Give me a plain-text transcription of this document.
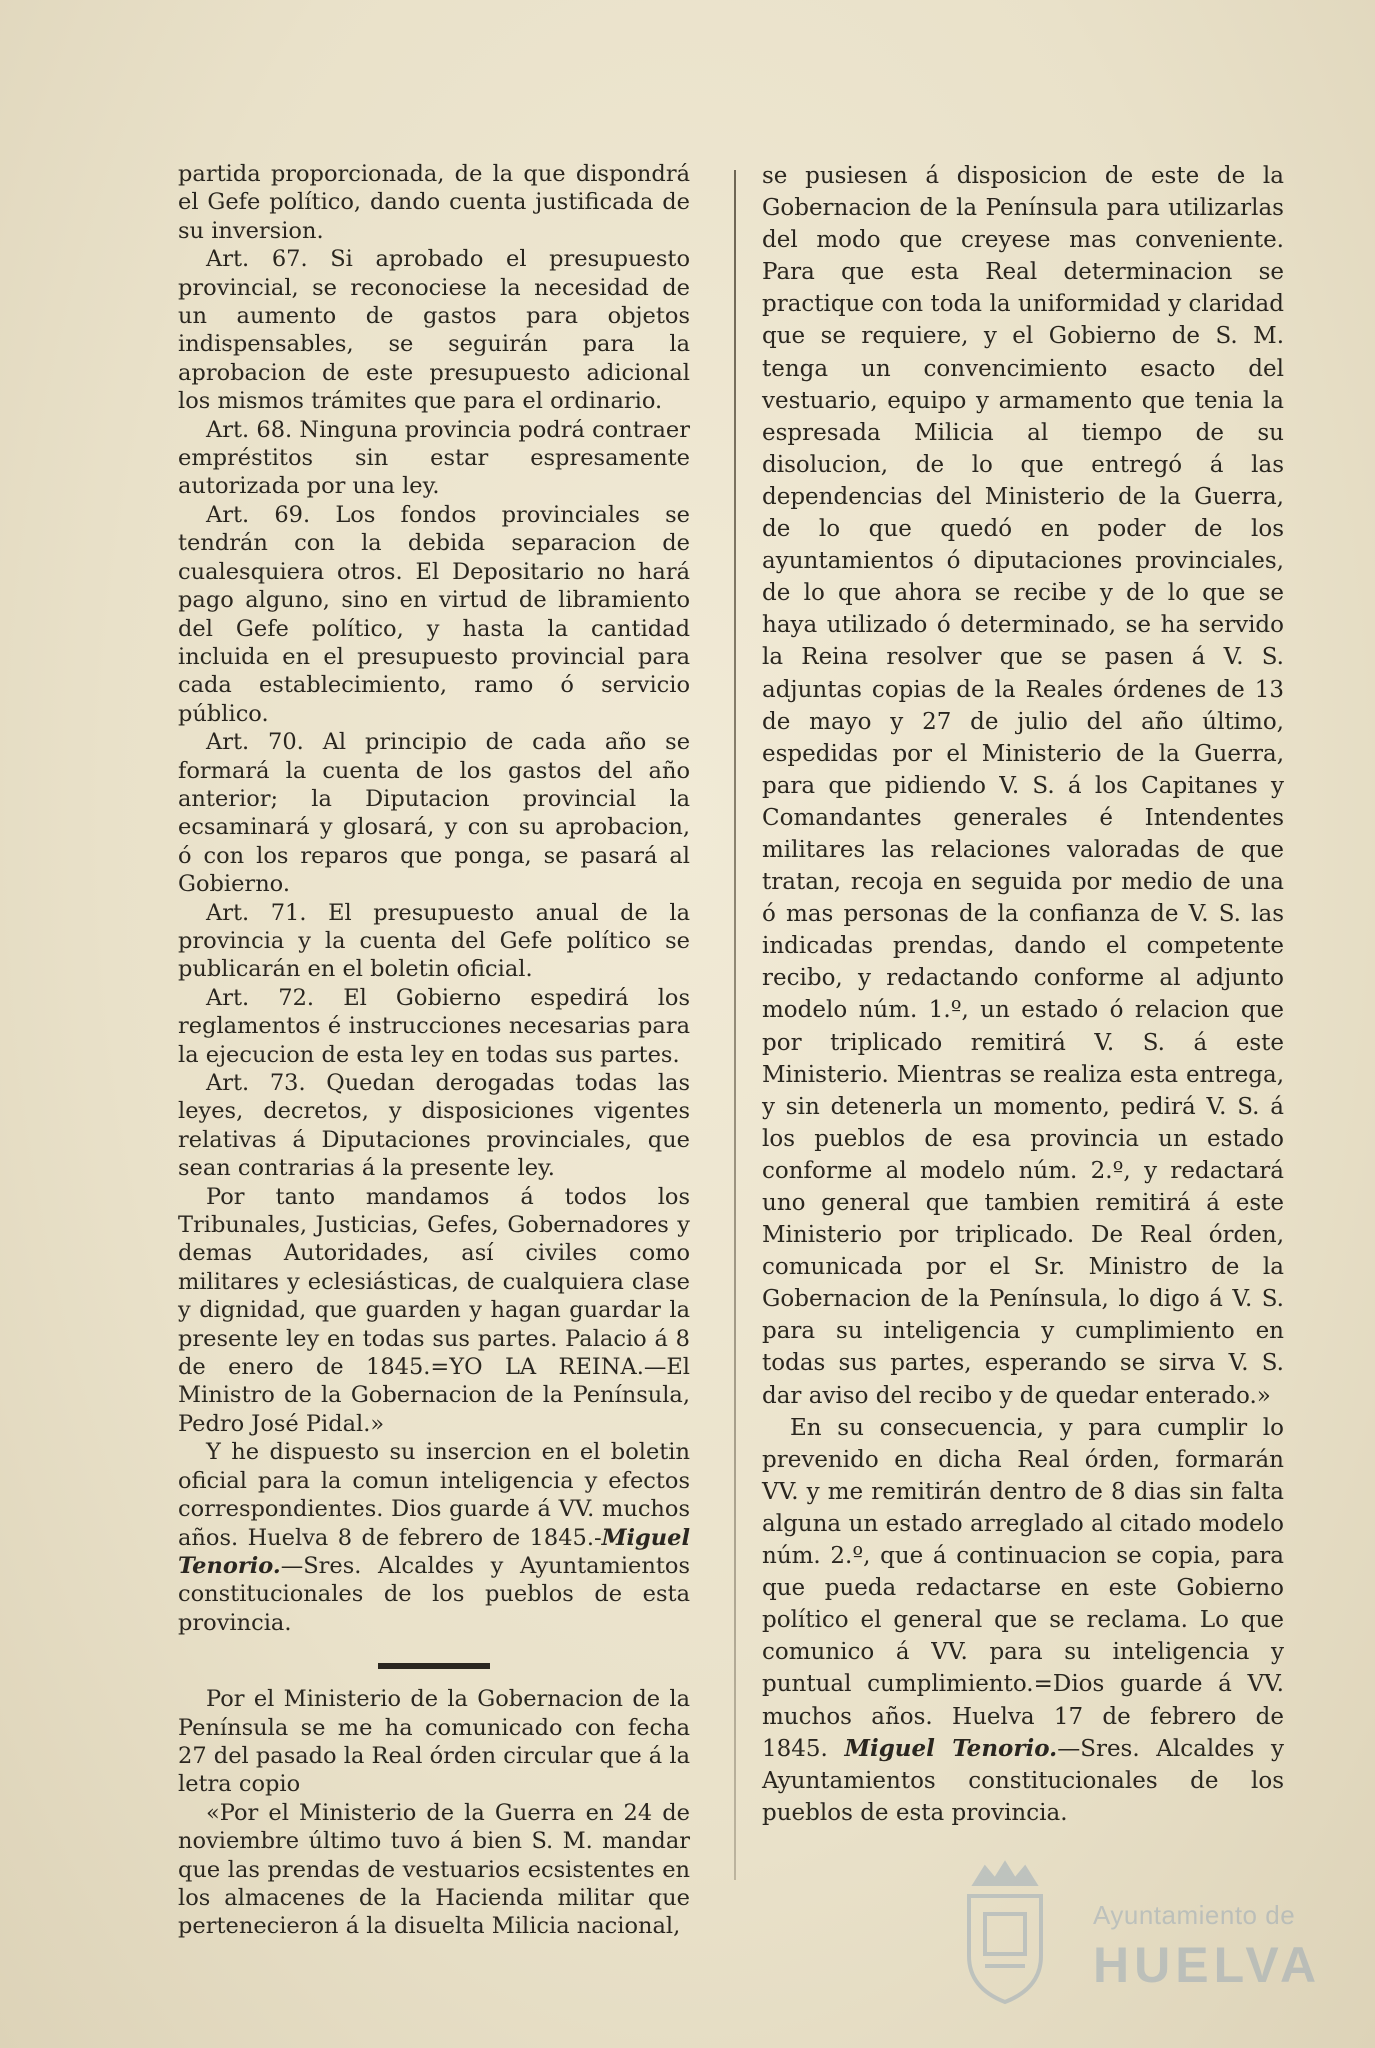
partida proporcionada, de la que dispondrá el Gefe político, dando cuenta justificada de su inversion.

Art. 67. Si aprobado el presupuesto provincial, se reconociese la necesidad de un aumento de gastos para objetos indispensables, se seguirán para la aprobacion de este presupuesto adicional los mismos trámites que para el ordinario.

Art. 68. Ninguna provincia podrá contraer empréstitos sin estar espresamente autorizada por una ley.

Art. 69. Los fondos provinciales se tendrán con la debida separacion de cualesquiera otros. El Depositario no hará pago alguno, sino en virtud de libramiento del Gefe político, y hasta la cantidad incluida en el presupuesto provincial para cada establecimiento, ramo ó servicio público.

Art. 70. Al principio de cada año se formará la cuenta de los gastos del año anterior; la Diputacion provincial la ecsaminará y glosará, y con su aprobacion, ó con los reparos que ponga, se pasará al Gobierno.

Art. 71. El presupuesto anual de la provincia y la cuenta del Gefe político se publicarán en el boletin oficial.

Art. 72. El Gobierno espedirá los reglamentos é instrucciones necesarias para la ejecucion de esta ley en todas sus partes.

Art. 73. Quedan derogadas todas las leyes, decretos, y disposiciones vigentes relativas á Diputaciones provinciales, que sean contrarias á la presente ley.

Por tanto mandamos á todos los Tribunales, Justicias, Gefes, Gobernadores y demas Autoridades, así civiles como militares y eclesiásticas, de cualquiera clase y dignidad, que guarden y hagan guardar la presente ley en todas sus partes. Palacio á 8 de enero de 1845.=YO LA REINA.—El Ministro de la Gobernacion de la Península, Pedro José Pidal.»

Y he dispuesto su insercion en el boletin oficial para la comun inteligencia y efectos correspondientes. Dios guarde á VV. muchos años. Huelva 8 de febrero de 1845.-Miguel Tenorio.—Sres. Alcaldes y Ayuntamientos constitucionales de los pueblos de esta provincia.

Por el Ministerio de la Gobernacion de la Península se me ha comunicado con fecha 27 del pasado la Real órden circular que á la letra copio

«Por el Ministerio de la Guerra en 24 de noviembre último tuvo á bien S. M. mandar que las prendas de vestuarios ecsistentes en los almacenes de la Hacienda militar que pertenecieron á la disuelta Milicia nacional,

se pusiesen á disposicion de este de la Gobernacion de la Península para utilizarlas del modo que creyese mas conveniente. Para que esta Real determinacion se practique con toda la uniformidad y claridad que se requiere, y el Gobierno de S. M. tenga un convencimiento esacto del vestuario, equipo y armamento que tenia la espresada Milicia al tiempo de su disolucion, de lo que entregó á las dependencias del Ministerio de la Guerra, de lo que quedó en poder de los ayuntamientos ó diputaciones provinciales, de lo que ahora se recibe y de lo que se haya utilizado ó determinado, se ha servido la Reina resolver que se pasen á V. S. adjuntas copias de la Reales órdenes de 13 de mayo y 27 de julio del año último, espedidas por el Ministerio de la Guerra, para que pidiendo V. S. á los Capitanes y Comandantes generales é Intendentes militares las relaciones valoradas de que tratan, recoja en seguida por medio de una ó mas personas de la confianza de V. S. las indicadas prendas, dando el competente recibo, y redactando conforme al adjunto modelo núm. 1.º, un estado ó relacion que por triplicado remitirá V. S. á este Ministerio. Mientras se realiza esta entrega, y sin detenerla un momento, pedirá V. S. á los pueblos de esa provincia un estado conforme al modelo núm. 2.º, y redactará uno general que tambien remitirá á este Ministerio por triplicado. De Real órden, comunicada por el Sr. Ministro de la Gobernacion de la Península, lo digo á V. S. para su inteligencia y cumplimiento en todas sus partes, esperando se sirva V. S. dar aviso del recibo y de quedar enterado.»

En su consecuencia, y para cumplir lo prevenido en dicha Real órden, formarán VV. y me remitirán dentro de 8 dias sin falta alguna un estado arreglado al citado modelo núm. 2.º, que á continuacion se copia, para que pueda redactarse en este Gobierno político el general que se reclama. Lo que comunico á VV. para su inteligencia y puntual cumplimiento.=Dios guarde á VV. muchos años. Huelva 17 de febrero de 1845. Miguel Tenorio.—Sres. Alcaldes y Ayuntamientos constitucionales de los pueblos de esta provincia.

Ayuntamiento de
HUELVA
